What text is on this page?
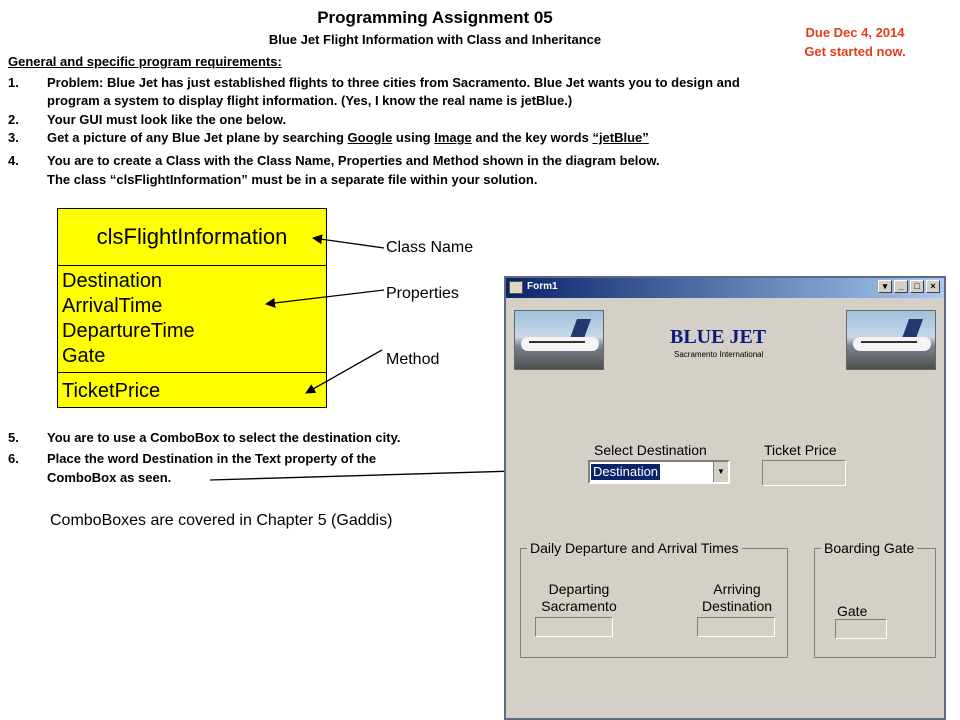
Programming Assignment 05
Blue Jet Flight Information with Class and Inheritance	Due Dec 4, 2014
Get started now.
General and specific program requirements:
1. Problem: Blue Jet has just established flights to three cities from Sacramento. Blue Jet wants you to design and
program a system to display flight information. (Yes, I know the real name is jetBlue.)
2. Your GUI must look like the one below.
3. Get a picture of any Blue Jet plane by searching Google using Image and the key words “jetBlue”
4. You are to create a Class with the Class Name, Properties and Method shown in the diagram below.
The class “clsFlightInformation” must be in a separate file within your solution.
clsFlightInformation
Destination
ArrivalTime
DepartureTime
Gate
TicketPrice
Class Name
Properties
Method
5. You are to use a ComboBox to select the destination city.
6. Place the word Destination in the Text property of the
ComboBox as seen.
ComboBoxes are covered in Chapter 5 (Gaddis)
Form1	▾	_	□	×
BLUE JET
Sacramento International
Select Destination
Destination	▼
Ticket Price
Daily Departure and Arrival Times
Departing
Sacramento
Arriving
Destination
Boarding Gate
Gate
